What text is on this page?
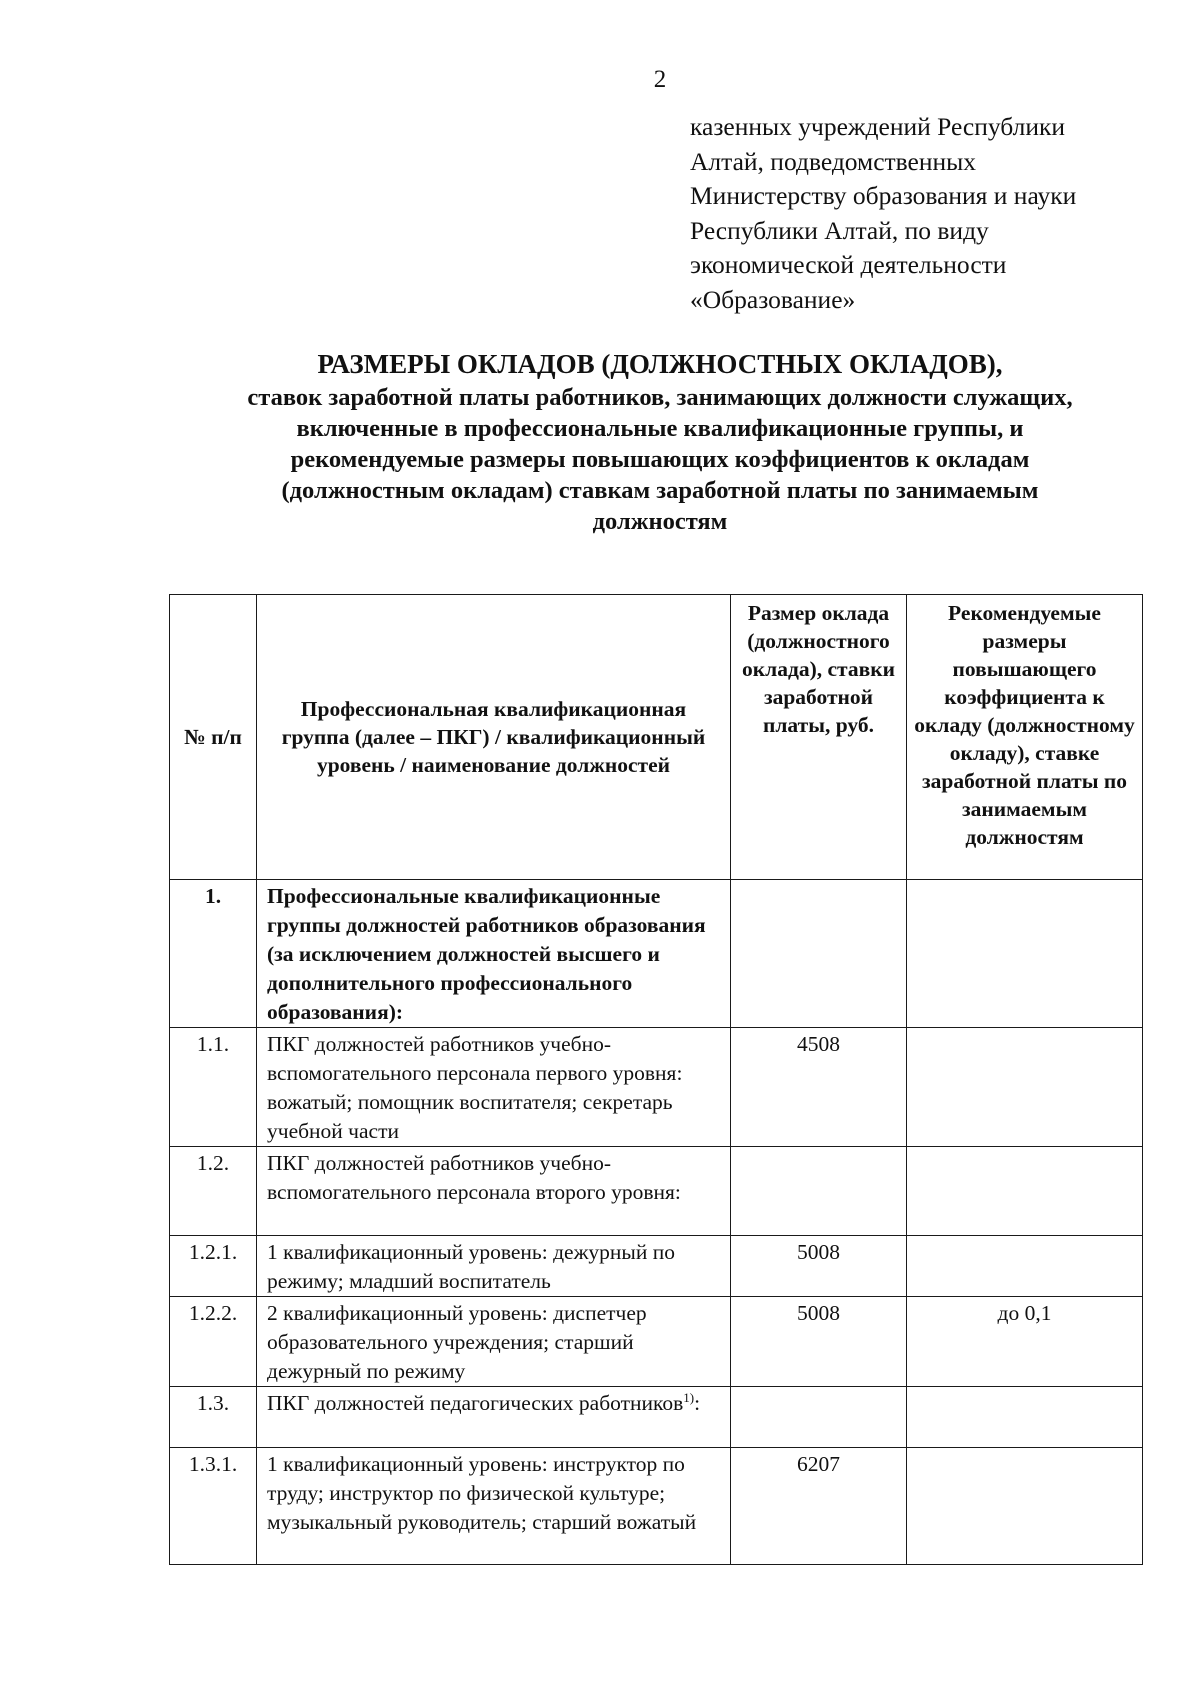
2
казенных учреждений Республики
Алтай, подведомственных
Министерству образования и науки
Республики Алтай, по виду
экономической деятельности
«Образование»
РАЗМЕРЫ ОКЛАДОВ (ДОЛЖНОСТНЫХ ОКЛАДОВ),
ставок заработной платы работников, занимающих должности служащих,
включенные в профессиональные квалификационные группы, и
рекомендуемые размеры повышающих коэффициентов к окладам
(должностным окладам) ставкам заработной платы по занимаемым
должностям
№ п/п	Профессиональная квалификационная группа (далее – ПКГ) / квалификационный уровень / наименование должностей	Размер оклада (должностного оклада), ставки заработной платы, руб.	Рекомендуемые размеры повышающего коэффициента к окладу (должностному окладу), ставке заработной платы по занимаемым должностям
1.	Профессиональные квалификационные группы должностей работников образования (за исключением должностей высшего и дополнительного профессионального образования):		
1.1.	ПКГ должностей работников учебно-вспомогательного персонала первого уровня: вожатый; помощник воспитателя; секретарь учебной части	4508	
1.2.	ПКГ должностей работников учебно-вспомогательного персонала второго уровня:		
1.2.1.	1 квалификационный уровень: дежурный по режиму; младший воспитатель	5008	
1.2.2.	2 квалификационный уровень: диспетчер образовательного учреждения; старший дежурный по режиму	5008	до 0,1
1.3.	ПКГ должностей педагогических работников$^{1)}$:		
1.3.1.	1 квалификационный уровень: инструктор по труду; инструктор по физической культуре; музыкальный руководитель; старший вожатый	6207	
